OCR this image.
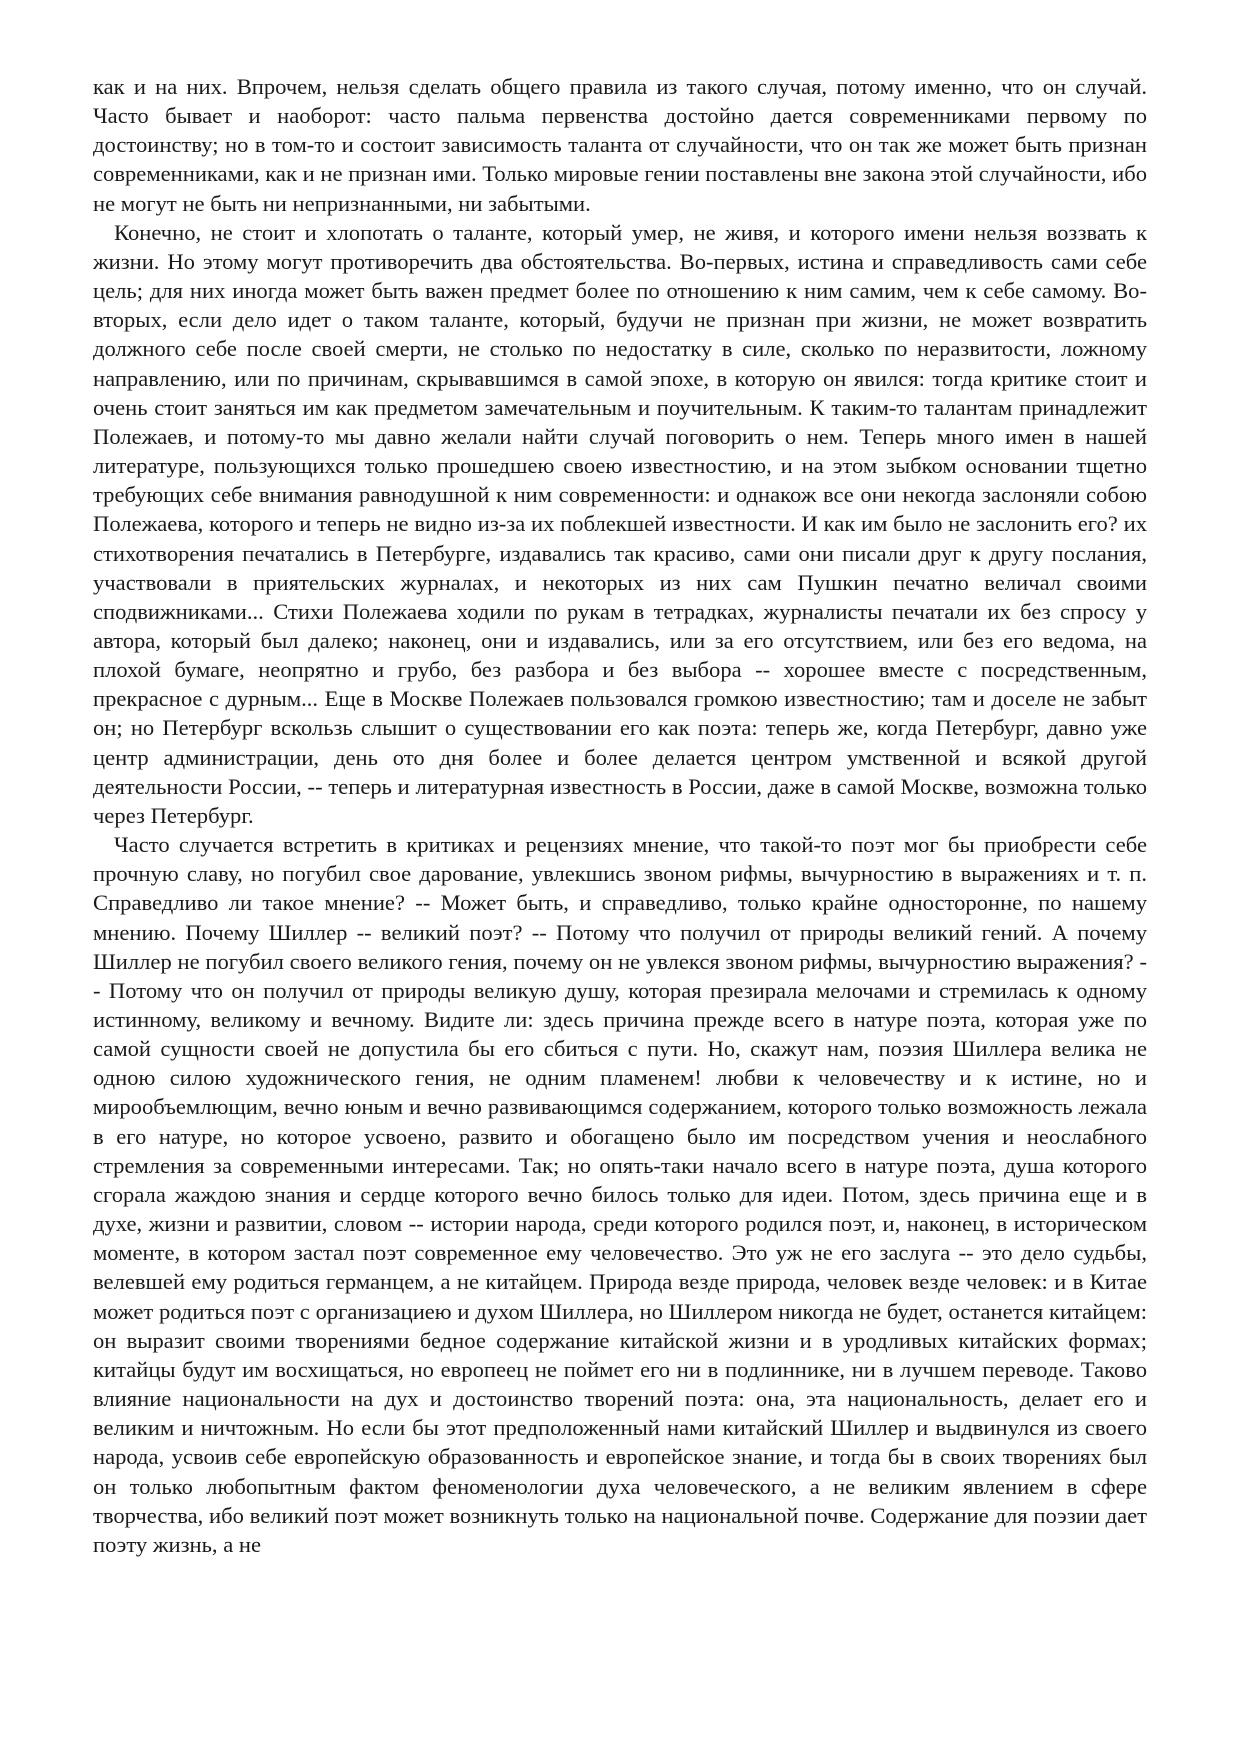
как и на них. Впрочем, нельзя сделать общего правила из такого случая, потому именно, что он случай. Часто бывает и наоборот: часто пальма первенства достойно дается современниками первому по достоинству; но в том-то и состоит зависимость таланта от случайности, что он так же может быть признан современниками, как и не признан ими. Только мировые гении поставлены вне закона этой случайности, ибо не могут не быть ни непризнанными, ни забытыми.

Конечно, не стоит и хлопотать о таланте, который умер, не живя, и которого имени нельзя воззвать к жизни. Но этому могут противоречить два обстоятельства. Во-первых, истина и справедливость сами себе цель; для них иногда может быть важен предмет более по отношению к ним самим, чем к себе самому. Во-вторых, если дело идет о таком таланте, который, будучи не признан при жизни, не может возвратить должного себе после своей смерти, не столько по недостатку в силе, сколько по неразвитости, ложному направлению, или по причинам, скрывавшимся в самой эпохе, в которую он явился: тогда критике стоит и очень стоит заняться им как предметом замечательным и поучительным. К таким-то талантам принадлежит Полежаев, и потому-то мы давно желали найти случай поговорить о нем. Теперь много имен в нашей литературе, пользующихся только прошедшею своею известностию, и на этом зыбком основании тщетно требующих себе внимания равнодушной к ним современности: и однакож все они некогда заслоняли собою Полежаева, которого и теперь не видно из-за их поблекшей известности. И как им было не заслонить его? их стихотворения печатались в Петербурге, издавались так красиво, сами они писали друг к другу послания, участвовали в приятельских журналах, и некоторых из них сам Пушкин печатно величал своими сподвижниками... Стихи Полежаева ходили по рукам в тетрадках, журналисты печатали их без спросу у автора, который был далеко; наконец, они и издавались, или за его отсутствием, или без его ведома, на плохой бумаге, неопрятно и грубо, без разбора и без выбора -- хорошее вместе с посредственным, прекрасное с дурным... Еще в Москве Полежаев пользовался громкою известностию; там и доселе не забыт он; но Петербург вскользь слышит о существовании его как поэта: теперь же, когда Петербург, давно уже центр администрации, день ото дня более и более делается центром умственной и всякой другой деятельности России, -- теперь и литературная известность в России, даже в самой Москве, возможна только через Петербург.

Часто случается встретить в критиках и рецензиях мнение, что такой-то поэт мог бы приобрести себе прочную славу, но погубил свое дарование, увлекшись звоном рифмы, вычурностию в выражениях и т. п. Справедливо ли такое мнение? -- Может быть, и справедливо, только крайне односторонне, по нашему мнению. Почему Шиллер -- великий поэт? -- Потому что получил от природы великий гений. А почему Шиллер не погубил своего великого гения, почему он не увлекся звоном рифмы, вычурностию выражения? -- Потому что он получил от природы великую душу, которая презирала мелочами и стремилась к одному истинному, великому и вечному. Видите ли: здесь причина прежде всего в натуре поэта, которая уже по самой сущности своей не допустила бы его сбиться с пути. Но, скажут нам, поэзия Шиллера велика не одною силою художнического гения, не одним пламенем! любви к человечеству и к истине, но и мирообъемлющим, вечно юным и вечно развивающимся содержанием, которого только возможность лежала в его натуре, но которое усвоено, развито и обогащено было им посредством учения и неослабного стремления за современными интересами. Так; но опять-таки начало всего в натуре поэта, душа которого сгорала жаждою знания и сердце которого вечно билось только для идеи. Потом, здесь причина еще и в духе, жизни и развитии, словом -- истории народа, среди которого родился поэт, и, наконец, в историческом моменте, в котором застал поэт современное ему человечество. Это уж не его заслуга -- это дело судьбы, велевшей ему родиться германцем, а не китайцем. Природа везде природа, человек везде человек: и в Китае может родиться поэт с организациею и духом Шиллера, но Шиллером никогда не будет, останется китайцем: он выразит своими творениями бедное содержание китайской жизни и в уродливых китайских формах; китайцы будут им восхищаться, но европеец не поймет его ни в подлиннике, ни в лучшем переводе. Таково влияние национальности на дух и достоинство творений поэта: она, эта национальность, делает его и великим и ничтожным. Но если бы этот предположенный нами китайский Шиллер и выдвинулся из своего народа, усвоив себе европейскую образованность и европейское знание, и тогда бы в своих творениях был он только любопытным фактом феноменологии духа человеческого, а не великим явлением в сфере творчества, ибо великий поэт может возникнуть только на национальной почве. Содержание для поэзии дает поэту жизнь, а не
